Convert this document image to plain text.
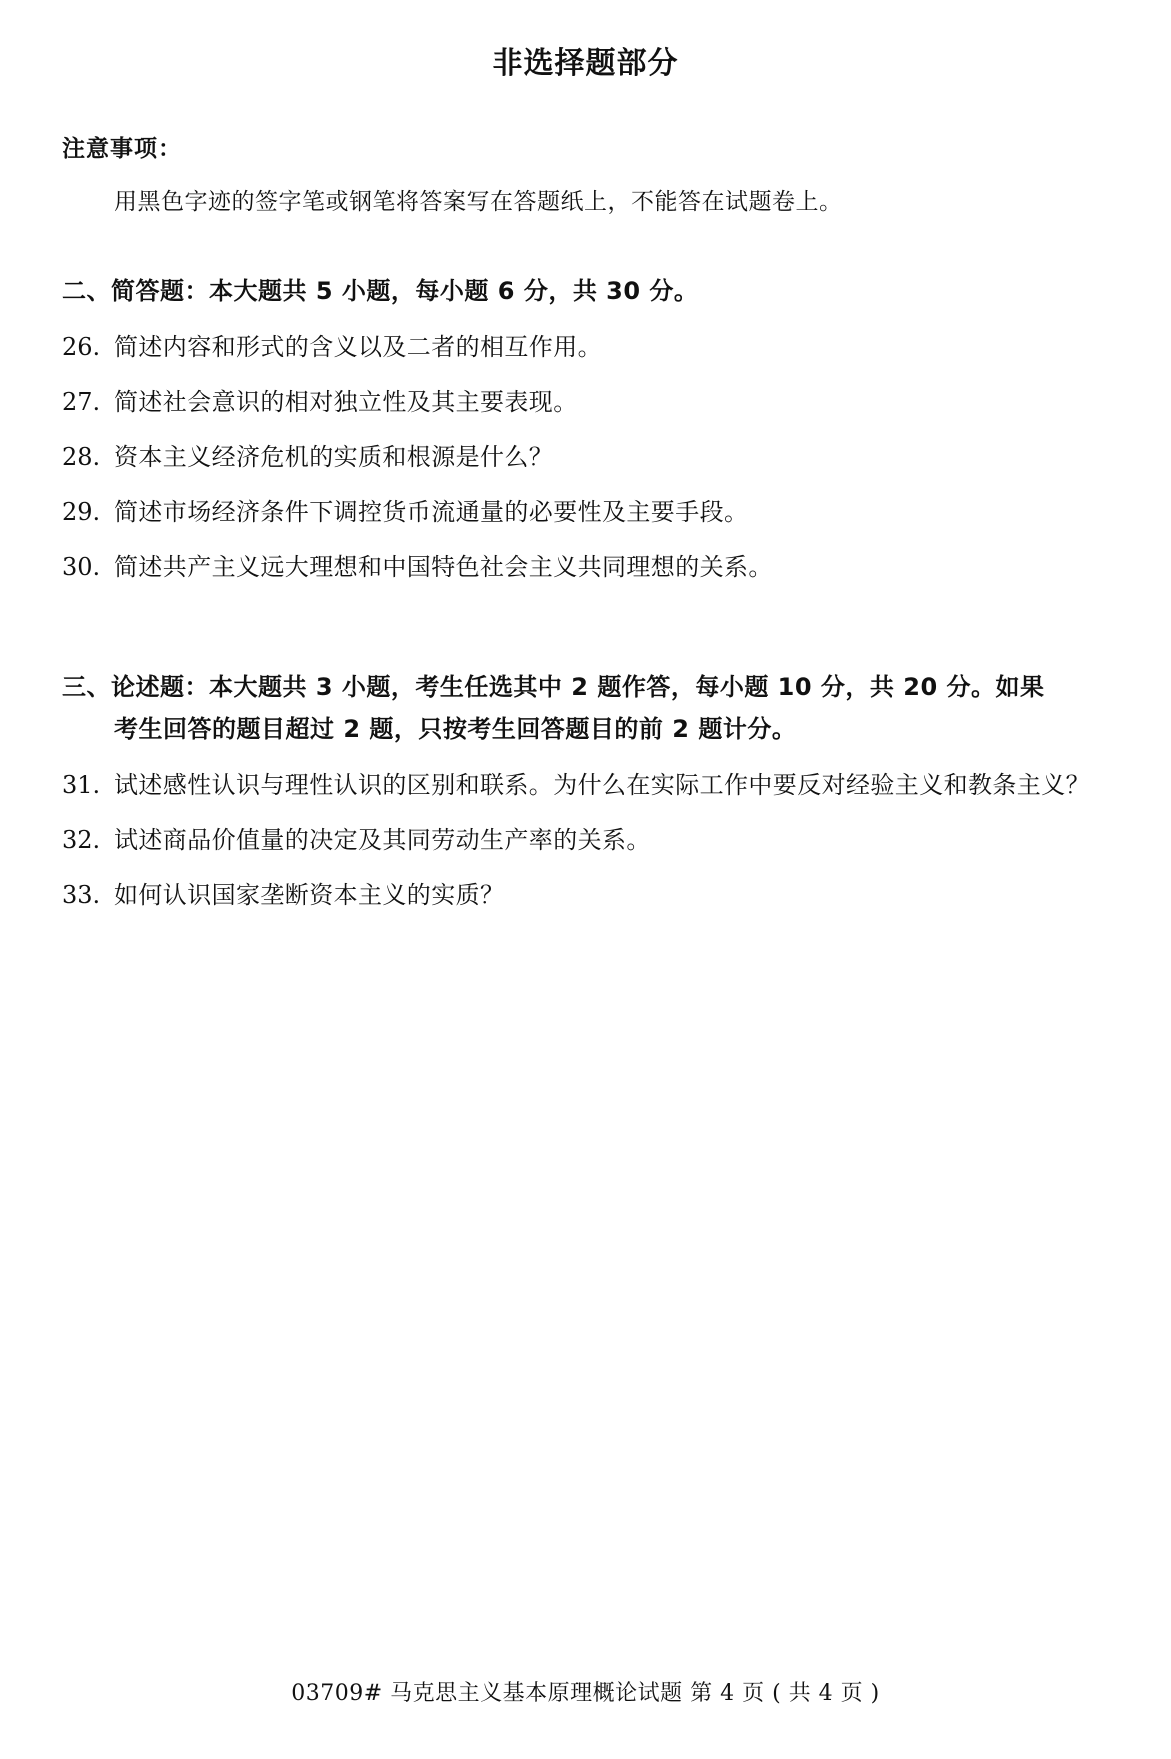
非选择题部分
注意事项：
用黑色字迹的签字笔或钢笔将答案写在答题纸上，不能答在试题卷上。
二、简答题：本大题共 5 小题，每小题 6 分，共 30 分。
26. 简述内容和形式的含义以及二者的相互作用。
27. 简述社会意识的相对独立性及其主要表现。
28. 资本主义经济危机的实质和根源是什么？
29. 简述市场经济条件下调控货币流通量的必要性及主要手段。
30. 简述共产主义远大理想和中国特色社会主义共同理想的关系。
三、论述题：本大题共 3 小题，考生任选其中 2 题作答，每小题 10 分，共 20 分。如果
考生回答的题目超过 2 题，只按考生回答题目的前 2 题计分。
31. 试述感性认识与理性认识的区别和联系。为什么在实际工作中要反对经验主义和教条主义？
32. 试述商品价值量的决定及其同劳动生产率的关系。
33. 如何认识国家垄断资本主义的实质？
03709# 马克思主义基本原理概论试题 第 4 页 ( 共 4 页 )
